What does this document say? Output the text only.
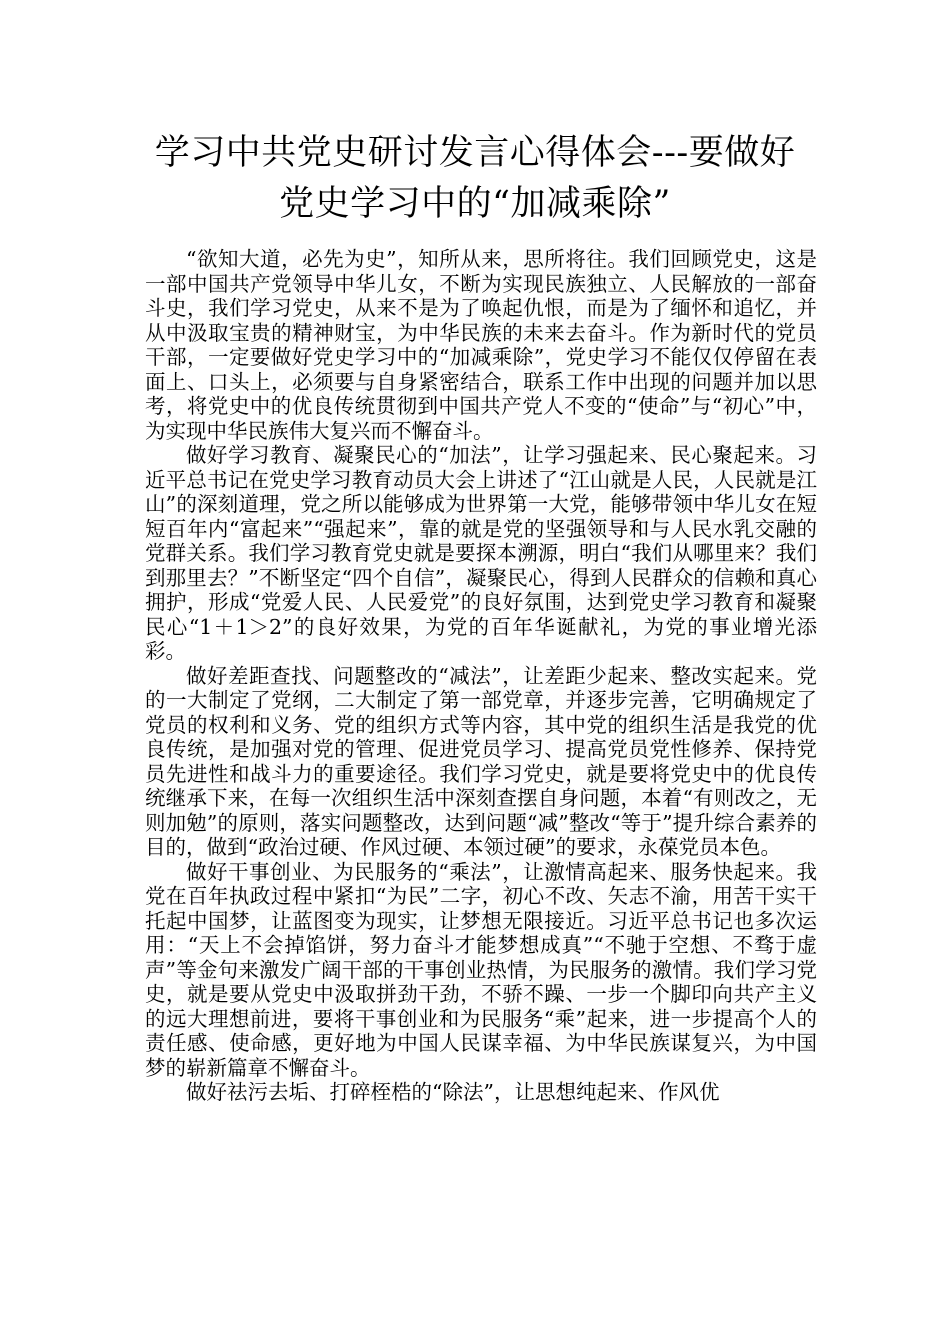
学习中共党史研讨发言心得体会---要做好
党史学习中的“加减乘除”

“欲知大道，必先为史”，知所从来，思所将往。我们回顾党史，这是一部中国共产党领导中华儿女，不断为实现民族独立、人民解放的一部奋斗史，我们学习党史，从来不是为了唤起仇恨，而是为了缅怀和追忆，并从中汲取宝贵的精神财宝，为中华民族的未来去奋斗。作为新时代的党员干部，一定要做好党史学习中的“加减乘除”，党史学习不能仅仅停留在表面上、口头上，必须要与自身紧密结合，联系工作中出现的问题并加以思考，将党史中的优良传统贯彻到中国共产党人不变的“使命”与“初心”中，为实现中华民族伟大复兴而不懈奋斗。

做好学习教育、凝聚民心的“加法”，让学习强起来、民心聚起来。习近平总书记在党史学习教育动员大会上讲述了“江山就是人民，人民就是江山”的深刻道理，党之所以能够成为世界第一大党，能够带领中华儿女在短短百年内“富起来”“强起来”，靠的就是党的坚强领导和与人民水乳交融的党群关系。我们学习教育党史就是要探本溯源，明白“我们从哪里来？我们到那里去？”不断坚定“四个自信”，凝聚民心，得到人民群众的信赖和真心拥护，形成“党爱人民、人民爱党”的良好氛围，达到党史学习教育和凝聚民心“1＋1＞2”的良好效果，为党的百年华诞献礼，为党的事业增光添彩。

做好差距查找、问题整改的“减法”，让差距少起来、整改实起来。党的一大制定了党纲，二大制定了第一部党章，并逐步完善，它明确规定了党员的权利和义务、党的组织方式等内容，其中党的组织生活是我党的优良传统，是加强对党的管理、促进党员学习、提高党员党性修养、保持党员先进性和战斗力的重要途径。我们学习党史，就是要将党史中的优良传统继承下来，在每一次组织生活中深刻查摆自身问题，本着“有则改之，无则加勉”的原则，落实问题整改，达到问题“减”整改“等于”提升综合素养的目的，做到“政治过硬、作风过硬、本领过硬”的要求，永葆党员本色。

做好干事创业、为民服务的“乘法”，让激情高起来、服务快起来。我党在百年执政过程中紧扣“为民”二字，初心不改、矢志不渝，用苦干实干托起中国梦，让蓝图变为现实，让梦想无限接近。习近平总书记也多次运用：“天上不会掉馅饼，努力奋斗才能梦想成真”“不驰于空想、不骛于虚声”等金句来激发广阔干部的干事创业热情，为民服务的激情。我们学习党史，就是要从党史中汲取拼劲干劲，不骄不躁、一步一个脚印向共产主义的远大理想前进，要将干事创业和为民服务“乘”起来，进一步提高个人的责任感、使命感，更好地为中国人民谋幸福、为中华民族谋复兴，为中国梦的崭新篇章不懈奋斗。

做好祛污去垢、打碎桎梏的“除法”，让思想纯起来、作风优
